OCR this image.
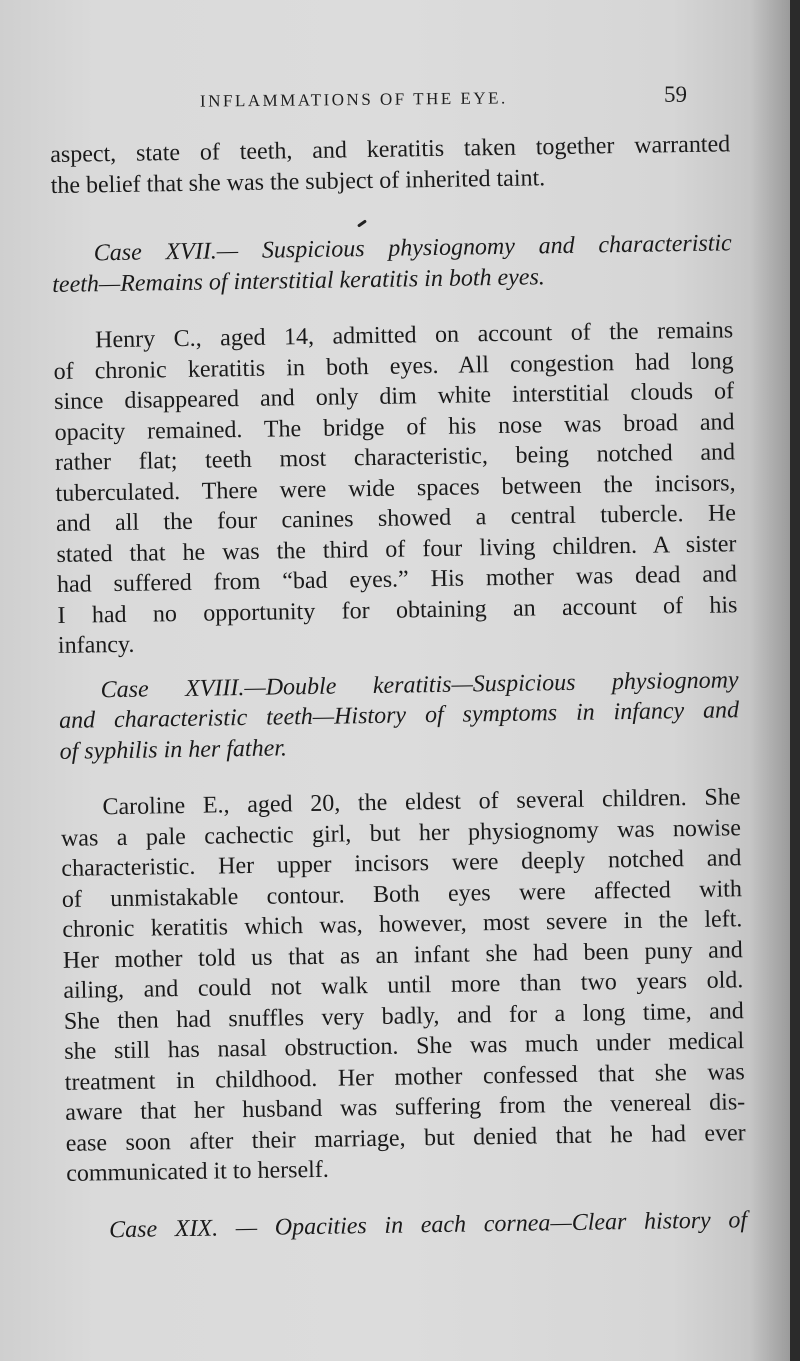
INFLAMMATIONS OF THE EYE.	59
aspect, state of teeth, and keratitis taken together warranted
the belief that she was the subject of inherited taint.
Case XVII.— Suspicious physiognomy and characteristic
teeth—Remains of interstitial keratitis in both eyes.
Henry C., aged 14, admitted on account of the remains
of chronic keratitis in both eyes. All congestion had long
since disappeared and only dim white interstitial clouds of
opacity remained. The bridge of his nose was broad and
rather flat; teeth most characteristic, being notched and
tuberculated. There were wide spaces between the incisors,
and all the four canines showed a central tubercle. He
stated that he was the third of four living children. A sister
had suffered from “bad eyes.” His mother was dead and
I had no opportunity for obtaining an account of his
infancy.
Case XVIII.—Double keratitis—Suspicious physiognomy
and characteristic teeth—History of symptoms in infancy and
of syphilis in her father.
Caroline E., aged 20, the eldest of several children. She
was a pale cachectic girl, but her physiognomy was nowise
characteristic. Her upper incisors were deeply notched and
of unmistakable contour. Both eyes were affected with
chronic keratitis which was, however, most severe in the left.
Her mother told us that as an infant she had been puny and
ailing, and could not walk until more than two years old.
She then had snuffles very badly, and for a long time, and
she still has nasal obstruction. She was much under medical
treatment in childhood. Her mother confessed that she was
aware that her husband was suffering from the venereal dis-
ease soon after their marriage, but denied that he had ever
communicated it to herself.
Case XIX. — Opacities in each cornea—Clear history of
